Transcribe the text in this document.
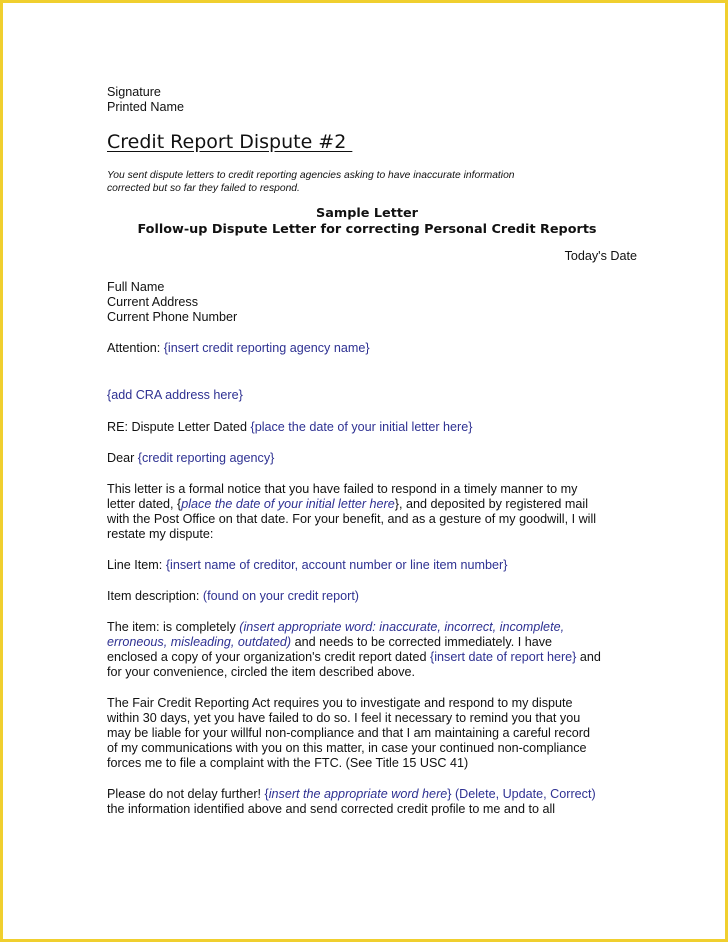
Signature
Printed Name
Credit Report Dispute #2
You sent dispute letters to credit reporting agencies asking to have inaccurate information
corrected but so far they failed to respond.
Sample Letter
Follow-up Dispute Letter for correcting Personal Credit Reports
Today's Date
Full Name
Current Address
Current Phone Number

Attention: {insert credit reporting agency name}

{add CRA address here}

RE: Dispute Letter Dated {place the date of your initial letter here}

Dear {credit reporting agency}

This letter is a formal notice that you have failed to respond in a timely manner to my
letter dated, {place the date of your initial letter here}, and deposited by registered mail
with the Post Office on that date. For your benefit, and as a gesture of my goodwill, I will
restate my dispute:

Line Item: {insert name of creditor, account number or line item number}

Item description: (found on your credit report)

The item: is completely (insert appropriate word: inaccurate, incorrect, incomplete,
erroneous, misleading, outdated) and needs to be corrected immediately. I have
enclosed a copy of your organization's credit report dated {insert date of report here} and
for your convenience, circled the item described above.
The Fair Credit Reporting Act requires you to investigate and respond to my dispute
within 30 days, yet you have failed to do so. I feel it necessary to remind you that you
may be liable for your willful non-compliance and that I am maintaining a careful record
of my communications with you on this matter, in case your continued non-compliance
forces me to file a complaint with the FTC. (See Title 15 USC 41)
Please do not delay further! {insert the appropriate word here} (Delete, Update, Correct)
the information identified above and send corrected credit profile to me and to all
